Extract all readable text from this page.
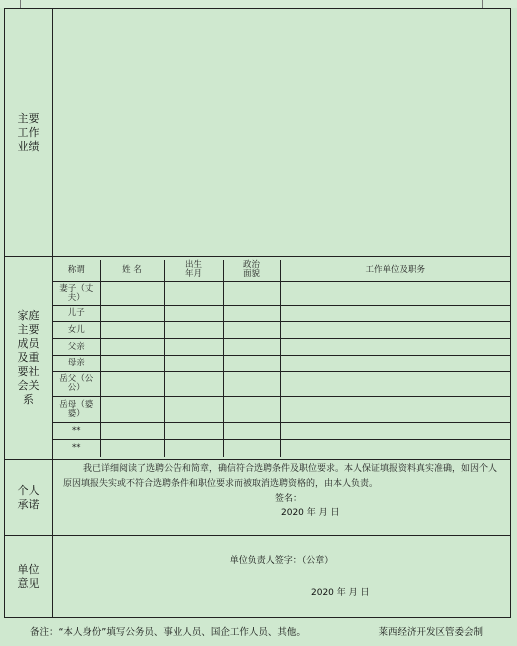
主要工作业绩	
家庭主要成员及重要社会关系	
称谓	姓 名	出生年月	政治面貌	工作单位及职务
妻子（丈夫）				
儿子				
女儿				
父亲				
母亲				
岳父（公公）				
岳母（婆婆）				
**				
**				

个人承诺	
我已详细阅读了选聘公告和简章，确信符合选聘条件及职位要求。本人保证填报资料真实准确，如因个人原因填报失实或不符合选聘条件和职位要求而被取消选聘资格的，由本人负责。
签名：
2020 年 月 日

单位意见	
单位负责人签字：（公章）
2020 年 月 日
备注：“本人身份”填写公务员、事业人员、国企工作人员、其他。	莱西经济开发区管委会制
